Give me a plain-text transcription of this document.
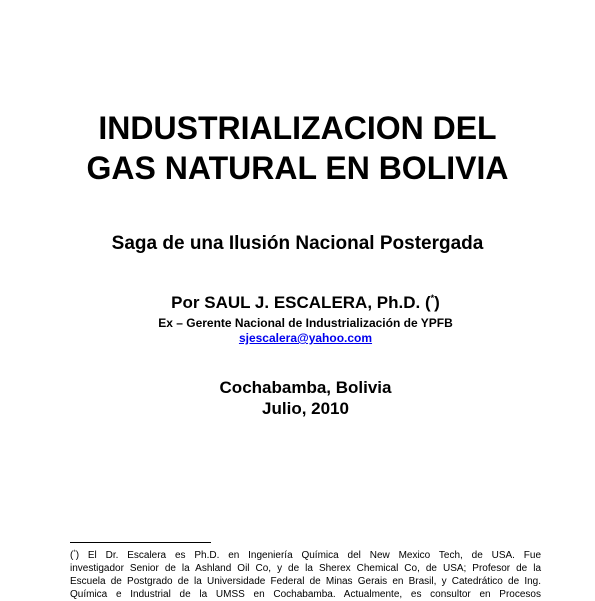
INDUSTRIALIZACION DEL
GAS NATURAL EN BOLIVIA
Saga de una Ilusión Nacional Postergada
Por SAUL J. ESCALERA, Ph.D. (*)
Ex – Gerente Nacional de Industrialización de YPFB
sjescalera@yahoo.com
Cochabamba, Bolivia
Julio, 2010
(*) El Dr. Escalera es Ph.D. en Ingeniería Química del New Mexico Tech, de USA. Fue
investigador Senior de la Ashland Oil Co, y de la Sherex Chemical Co, de USA; Profesor de la
Escuela de Postgrado de la Universidade Federal de Minas Gerais en Brasil, y Catedrático de Ing.
Química e Industrial de la UMSS en Cochabamba. Actualmente, es consultor en Procesos
